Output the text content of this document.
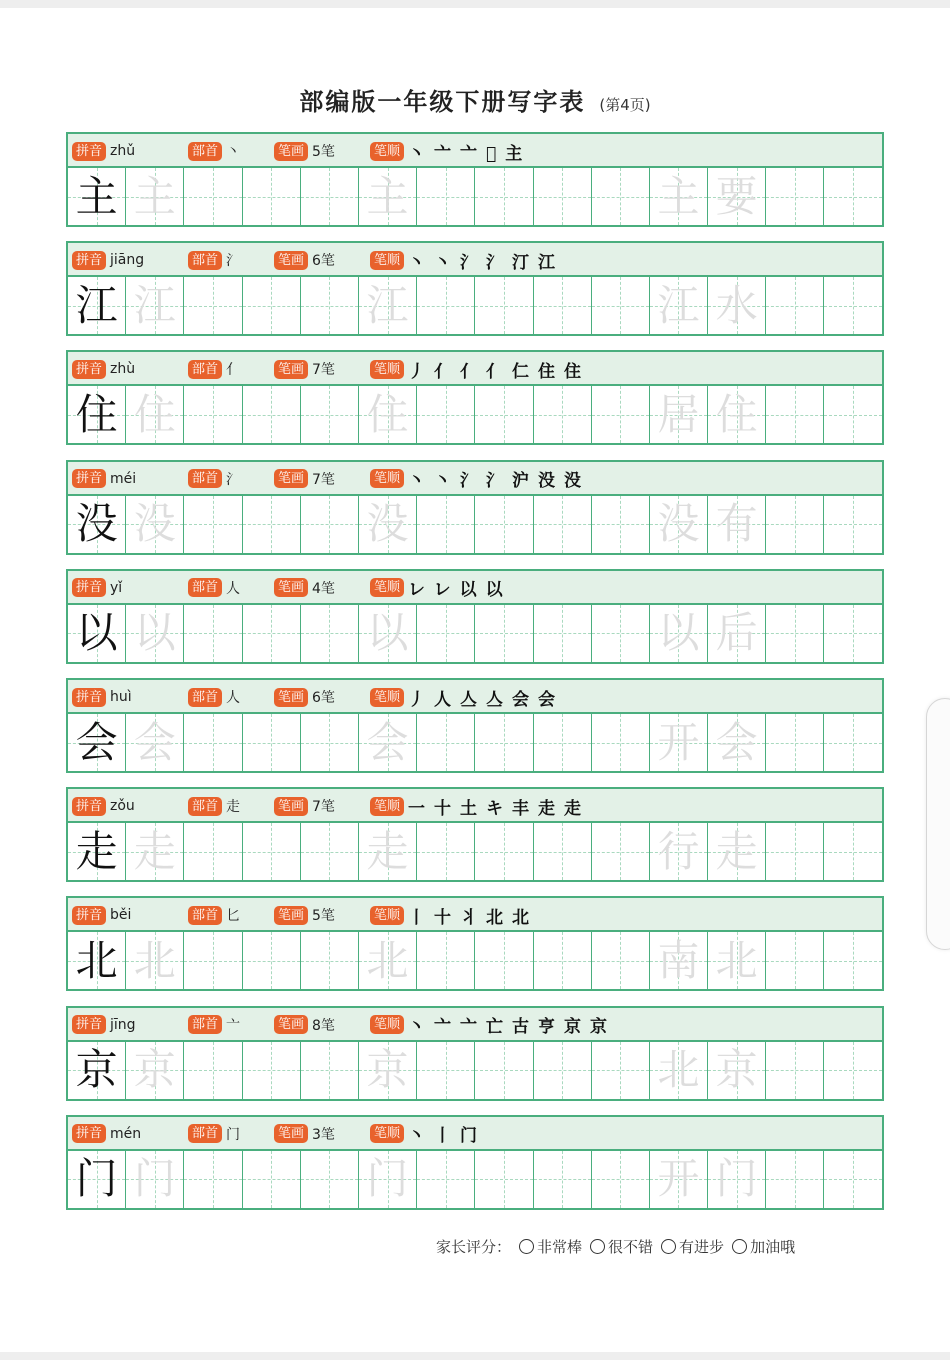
部编版一年级下册写字表 (第4页)
拼音 zhǔ	部首 丶	笔画 5笔	笔顺 丶亠亠𠂓主
主 主	主	主 要
拼音 jiāng	部首 氵	笔画 6笔	笔顺 丶丶氵氵汀江
江 江	江	江 水
拼音 zhù	部首 亻	笔画 7笔	笔顺 丿亻亻亻仁住住
住 住	住	居 住
拼音 méi	部首 氵	笔画 7笔	笔顺 丶丶氵氵沪没没
没 没	没	没 有
拼音 yǐ	部首 人	笔画 4笔	笔顺 レレ以以
以 以	以	以 后
拼音 huì	部首 人	笔画 6笔	笔顺 丿人亼亼会会
会 会	会	开 会
拼音 zǒu	部首 走	笔画 7笔	笔顺 一十土キ丰走走
走 走	走	行 走
拼音 běi	部首 匕	笔画 5笔	笔顺 丨十丬北北
北 北	北	南 北
拼音 jīng	部首 亠	笔画 8笔	笔顺 丶亠亠亡古亨京京
京 京	京	北 京
拼音 mén	部首 门	笔画 3笔	笔顺 丶丨门
门 门	门	开 门
家长评分： 非常棒 很不错 有进步 加油哦
